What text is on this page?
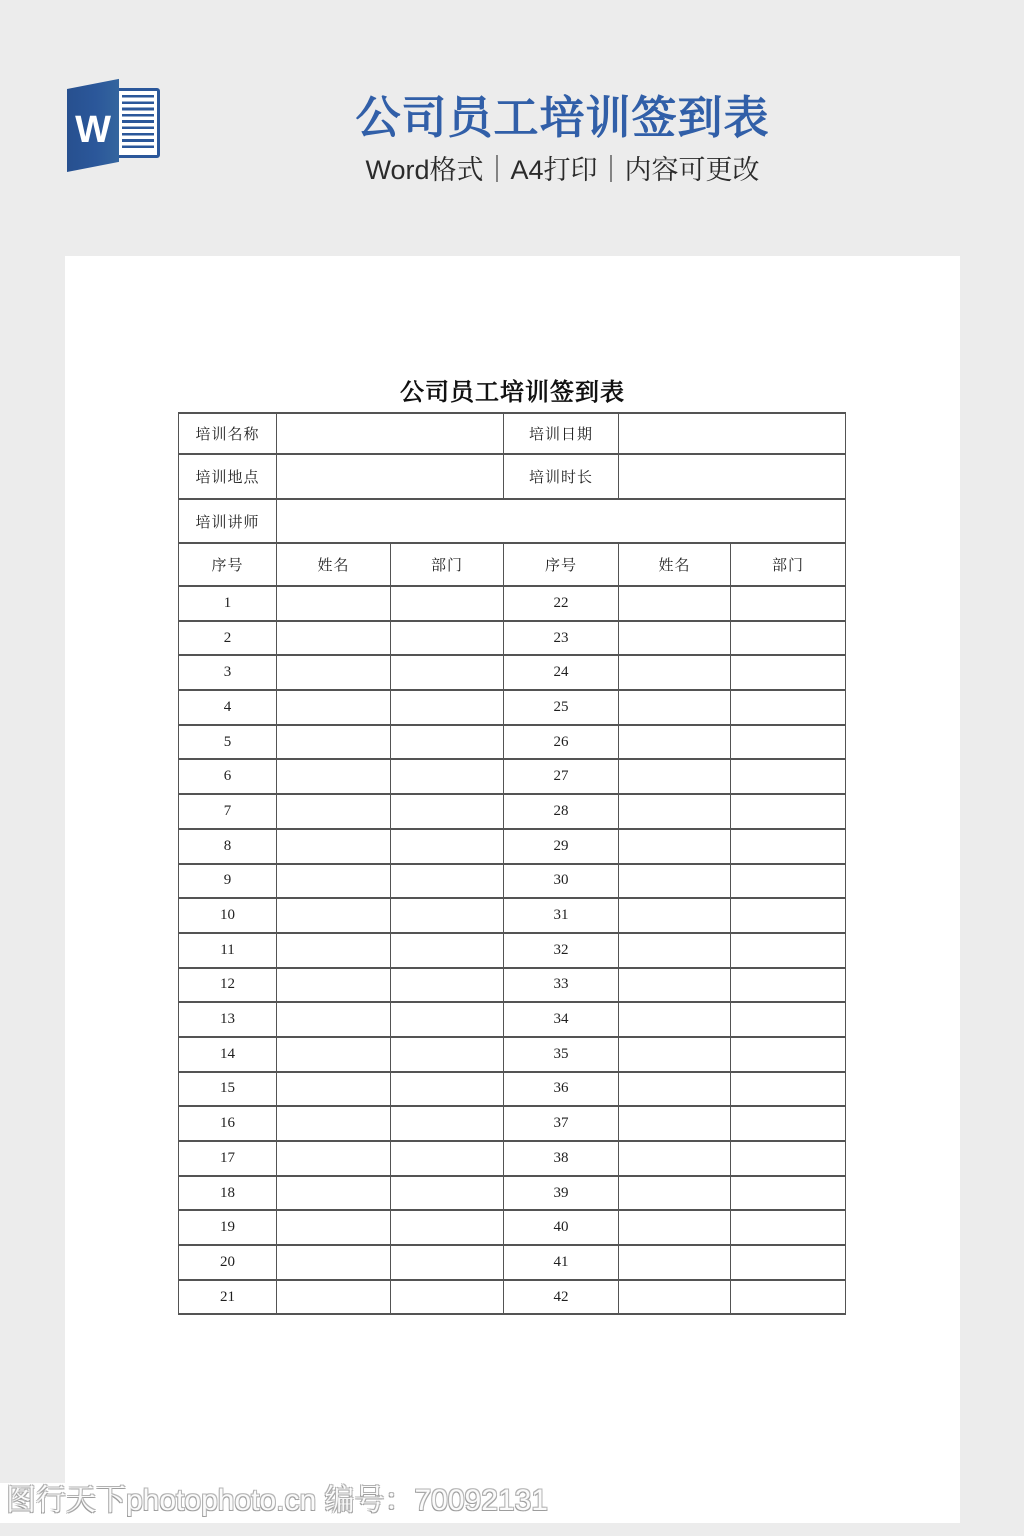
W	公司员工培训签到表
Word格式｜A4打印｜内容可更改
公司员工培训签到表
培训名称			培训日期		
培训地点			培训时长		
培训讲师					
序号	姓名	部门	序号	姓名	部门
1			22		
2			23		
3			24		
4			25		
5			26		
6			27		
7			28		
8			29		
9			30		
10			31		
11			32		
12			33		
13			34		
14			35		
15			36		
16			37		
17			38		
18			39		
19			40		
20			41		
21			42		
图行天下photophoto.cn 编号：70092131
